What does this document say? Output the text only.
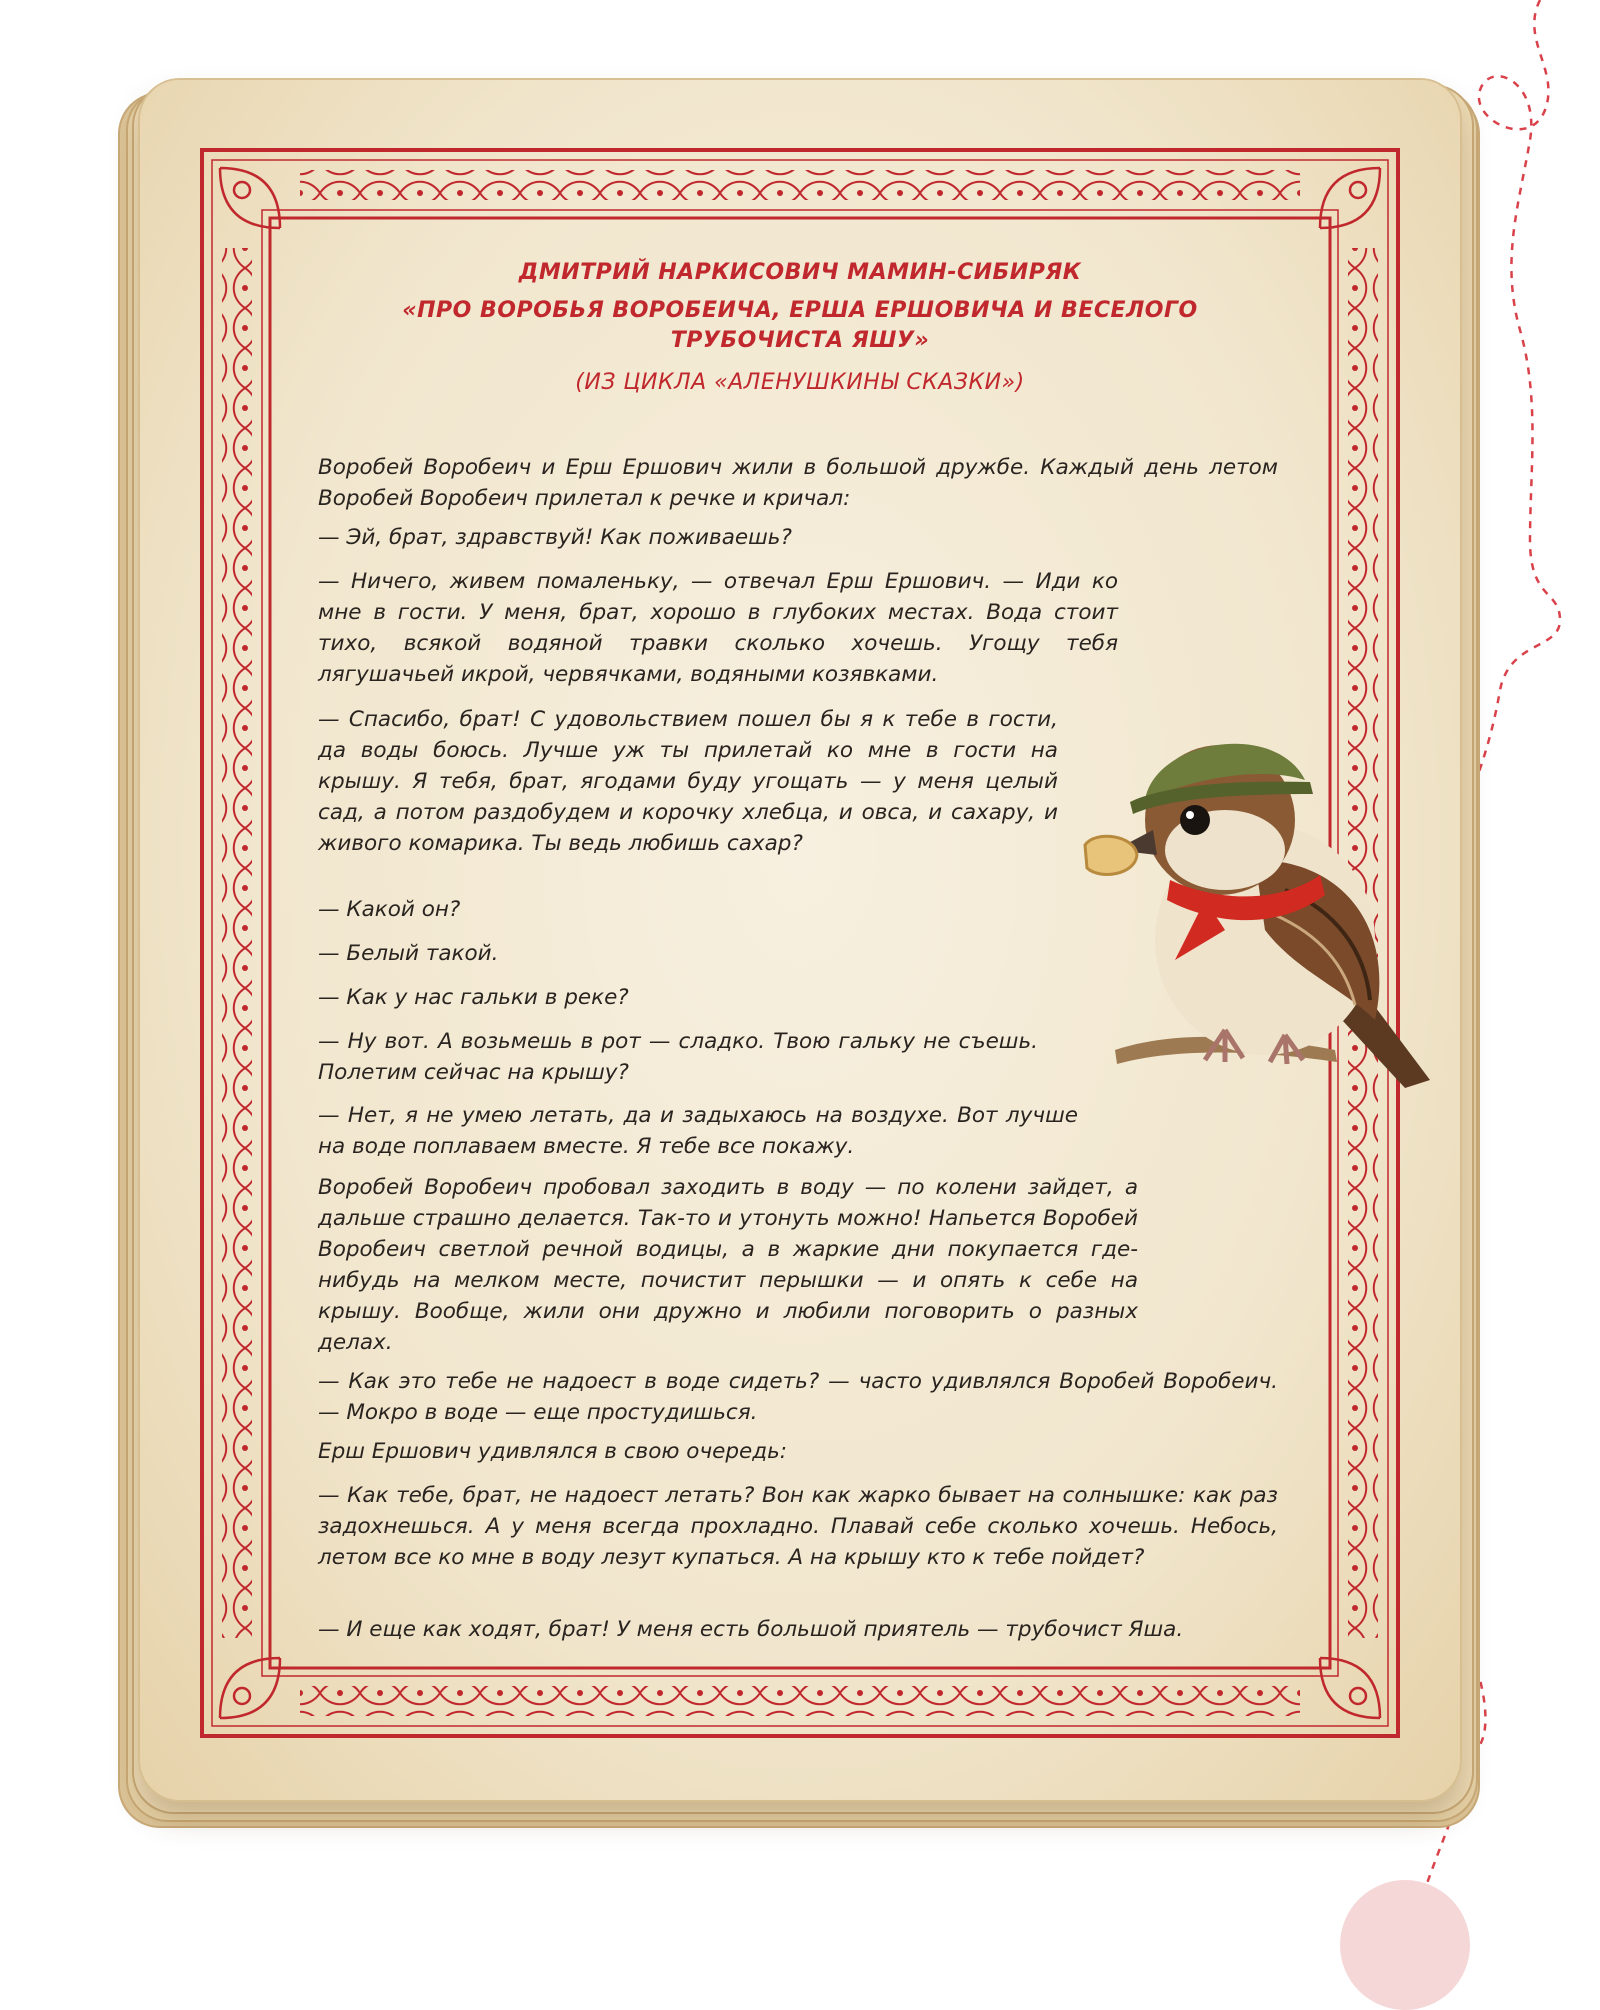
ДМИТРИЙ НАРКИСОВИЧ МАМИН-СИБИРЯК
«ПРО ВОРОБЬЯ ВОРОБЕИЧА, ЕРША ЕРШОВИЧА И ВЕСЕЛОГО
ТРУБОЧИСТА ЯШУ»
(ИЗ ЦИКЛА «АЛЕНУШКИНЫ СКАЗКИ»)

Воробей Воробеич и Ерш Ершович жили в большой дружбе. Каждый день летом Воробей Воробеич прилетал к речке и кричал:

— Эй, брат, здравствуй! Как поживаешь?

— Ничего, живем помаленьку, — отвечал Ерш Ершович. — Иди ко мне в гости. У меня, брат, хорошо в глубоких местах. Вода стоит тихо, всякой водяной травки сколько хочешь. Угощу тебя лягушачьей икрой, червячками, водяными козявками.

— Спасибо, брат! С удовольствием пошел бы я к тебе в гости, да воды боюсь. Лучше уж ты прилетай ко мне в гости на крышу. Я тебя, брат, ягодами буду угощать — у меня целый сад, а потом раздобудем и корочку хлебца, и овса, и сахару, и живого комарика. Ты ведь любишь сахар?

— Какой он?

— Белый такой.

— Как у нас гальки в реке?

— Ну вот. А возьмешь в рот — сладко. Твою гальку не съешь. Полетим сейчас на крышу?

— Нет, я не умею летать, да и задыхаюсь на воздухе. Вот лучше на воде поплаваем вместе. Я тебе все покажу.

Воробей Воробеич пробовал заходить в воду — по колени зайдет, а дальше страшно делается. Так-то и утонуть можно! Напьется Воробей Воробеич светлой речной водицы, а в жаркие дни покупается где-нибудь на мелком месте, почистит перышки — и опять к себе на крышу. Вообще, жили они дружно и любили поговорить о разных делах.

— Как это тебе не надоест в воде сидеть? — часто удивлялся Воробей Воробеич. — Мокро в воде — еще простудишься.

Ерш Ершович удивлялся в свою очередь:

— Как тебе, брат, не надоест летать? Вон как жарко бывает на солнышке: как раз задохнешься. А у меня всегда прохладно. Плавай себе сколько хочешь. Небось, летом все ко мне в воду лезут купаться. А на крышу кто к тебе пойдет?

— И еще как ходят, брат! У меня есть большой приятель — трубочист Яша.
